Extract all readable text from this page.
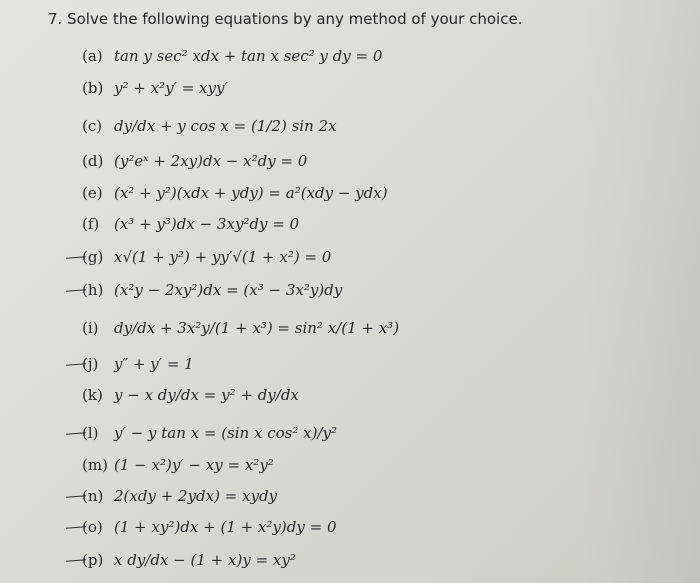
7. Solve the following equations by any method of your choice.
(a) tan y sec² xdx + tan x sec² y dy = 0
(b) y² + x²y′ = xyy′
(c) dy/dx + y cos x = (1/2) sin 2x
(d) (y²eˣ + 2xy)dx − x²dy = 0
(e) (x² + y²)(xdx + ydy) = a²(xdy − ydx)
(f) (x³ + y³)dx − 3xy²dy = 0
(g) x√(1 + y²) + yy′√(1 + x²) = 0
(h) (x²y − 2xy²)dx = (x³ − 3x²y)dy
(i) dy/dx + 3x²y/(1 + x³) = sin² x/(1 + x³)
(j) y″ + y′ = 1
(k) y − x dy/dx = y² + dy/dx
(l) y′ − y tan x = (sin x cos² x)/y²
(m) (1 − x²)y′ − xy = x²y²
(n) 2(xdy + 2ydx) = xydy
(o) (1 + xy²)dx + (1 + x²y)dy = 0
(p) x dy/dx − (1 + x)y = xy²
